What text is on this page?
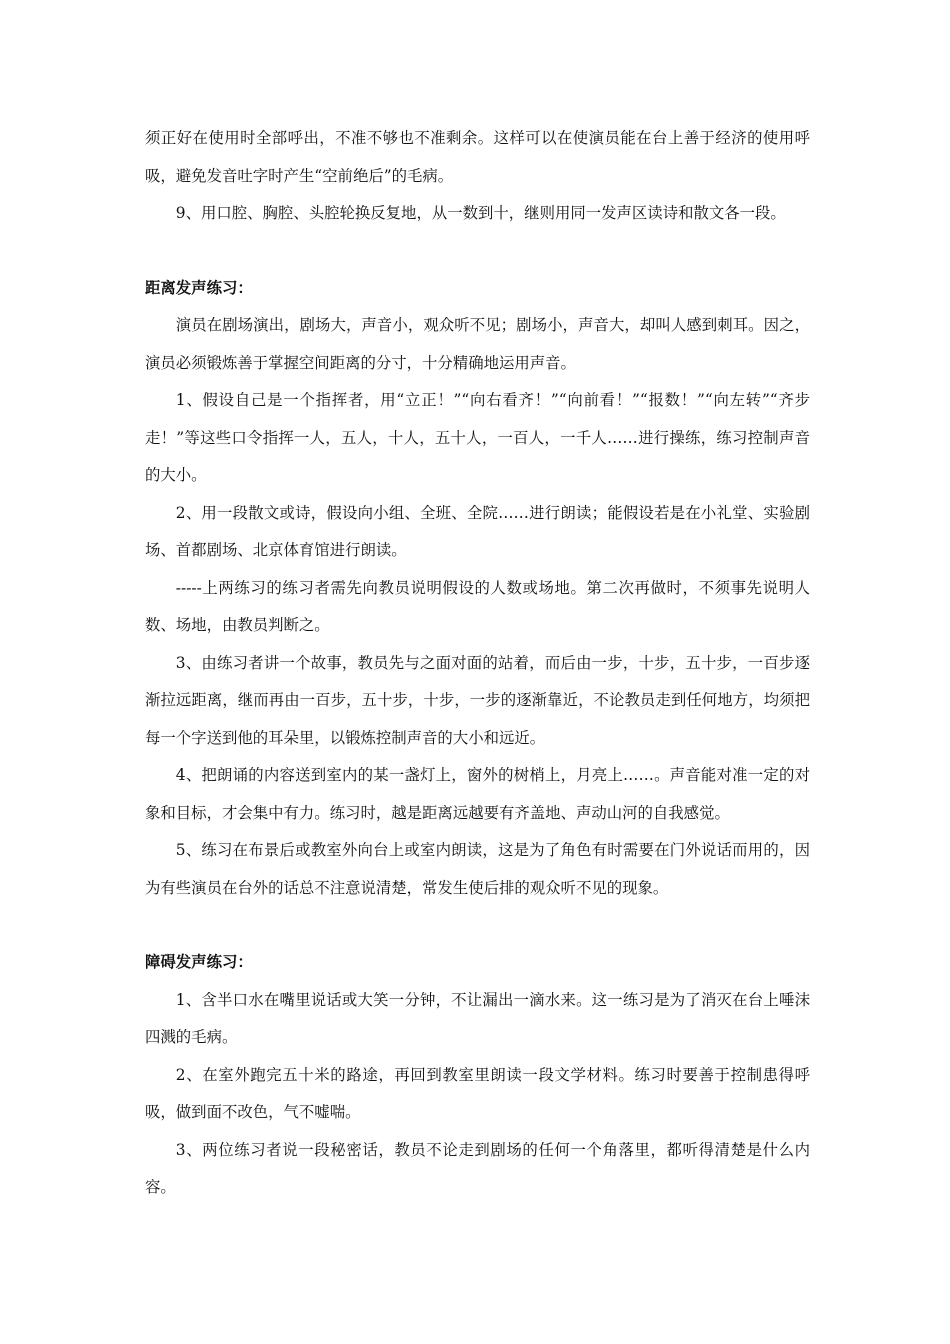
须正好在使用时全部呼出，不准不够也不准剩余。这样可以在使演员能在台上善于经济的使用呼吸，避免发音吐字时产生“空前绝后”的毛病。

9、用口腔、胸腔、头腔轮换反复地，从一数到十，继则用同一发声区读诗和散文各一段。

距离发声练习：

演员在剧场演出，剧场大，声音小，观众听不见；剧场小，声音大，却叫人感到刺耳。因之，演员必须锻炼善于掌握空间距离的分寸，十分精确地运用声音。

1、假设自己是一个指挥者，用“立正！”“向右看齐！”“向前看！”“报数！”“向左转”“齐步走！”等这些口令指挥一人，五人，十人，五十人，一百人，一千人……进行操练，练习控制声音的大小。

2、用一段散文或诗，假设向小组、全班、全院……进行朗读；能假设若是在小礼堂、实验剧场、首都剧场、北京体育馆进行朗读。

-----上两练习的练习者需先向教员说明假设的人数或场地。第二次再做时，不须事先说明人数、场地，由教员判断之。

3、由练习者讲一个故事，教员先与之面对面的站着，而后由一步，十步，五十步，一百步逐渐拉远距离，继而再由一百步，五十步，十步，一步的逐渐靠近，不论教员走到任何地方，均须把每一个字送到他的耳朵里，以锻炼控制声音的大小和远近。

4、把朗诵的内容送到室内的某一盏灯上，窗外的树梢上，月亮上……。声音能对准一定的对象和目标，才会集中有力。练习时，越是距离远越要有齐盖地、声动山河的自我感觉。

5、练习在布景后或教室外向台上或室内朗读，这是为了角色有时需要在门外说话而用的，因为有些演员在台外的话总不注意说清楚，常发生使后排的观众听不见的现象。

障碍发声练习：

1、含半口水在嘴里说话或大笑一分钟，不让漏出一滴水来。这一练习是为了消灭在台上唾沫四溅的毛病。

2、在室外跑完五十米的路途，再回到教室里朗读一段文学材料。练习时要善于控制患得呼吸，做到面不改色，气不嘘喘。

3、两位练习者说一段秘密话，教员不论走到剧场的任何一个角落里，都听得清楚是什么内容。
